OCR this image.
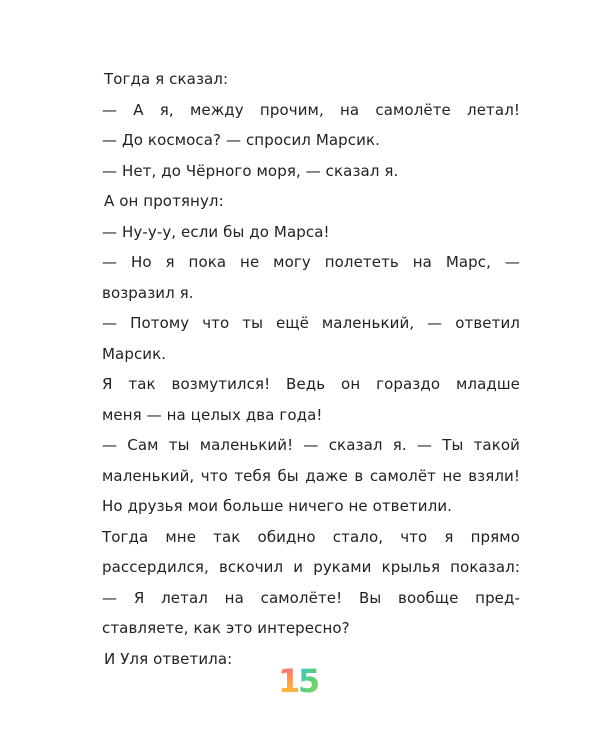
Тогда я сказал:
— А я, между прочим, на самолёте летал!
— До космоса? — спросил Марсик.
— Нет, до Чёрного моря, — сказал я.
А он протянул:
— Ну-у-у, если бы до Марса!
— Но я пока не могу полететь на Марс, —
возразил я.
— Потому что ты ещё маленький, — ответил
Марсик.
Я так возмутился! Ведь он гораздо младше
меня — на целых два года!
— Сам ты маленький! — сказал я. — Ты такой
маленький, что тебя бы даже в самолёт не взяли!
Но друзья мои больше ничего не ответили.
Тогда мне так обидно стало, что я прямо
рассердился, вскочил и руками крылья показал:
— Я летал на самолёте! Вы вообще пред-
ставляете, как это интересно?
И Уля ответила:
1
5
